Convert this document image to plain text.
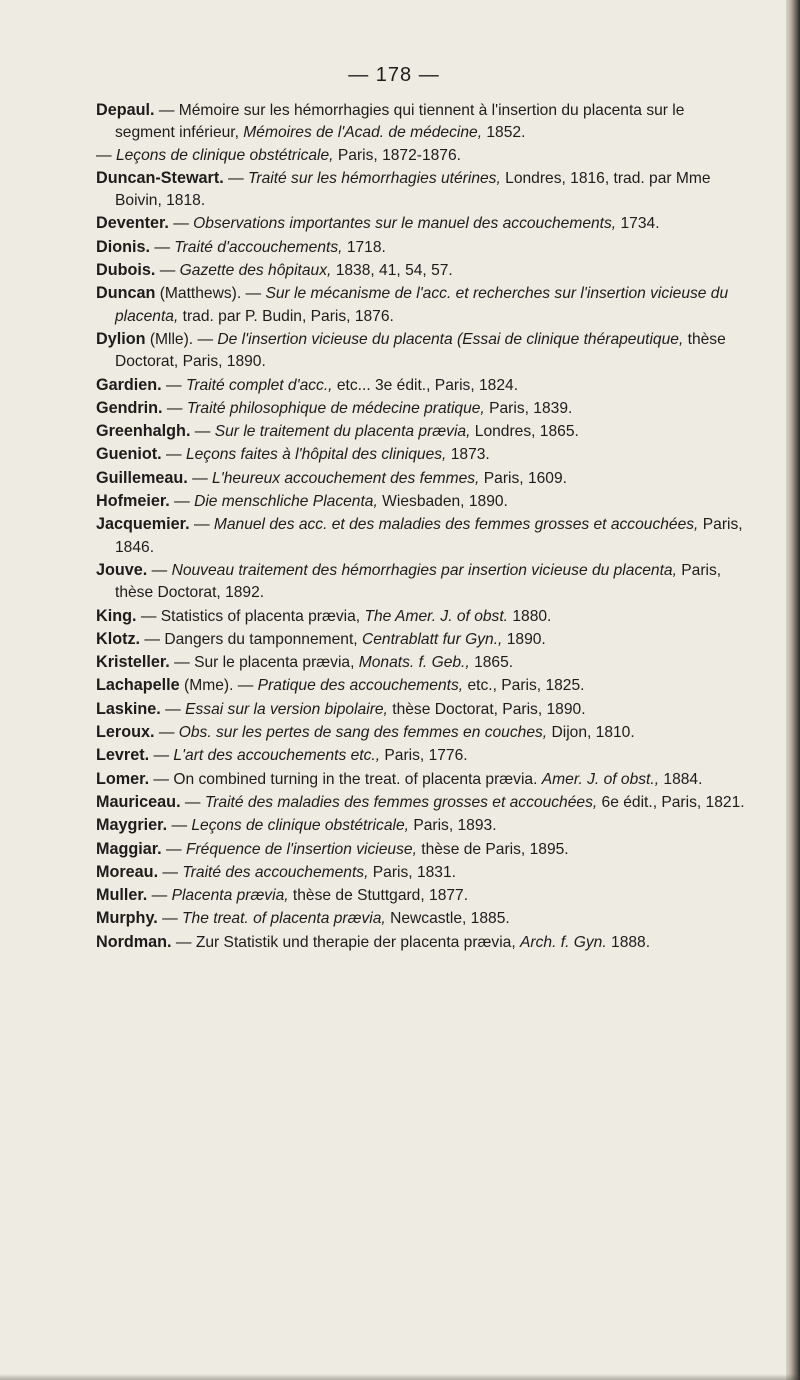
— 178 —

Depaul. — Mémoire sur les hémorrhagies qui tiennent à l'insertion du placenta sur le segment inférieur, Mémoires de l'Acad. de médecine, 1852.

— Leçons de clinique obstétricale, Paris, 1872-1876.

Duncan-Stewart. — Traité sur les hémorrhagies utérines, Londres, 1816, trad. par Mme Boivin, 1818.

Deventer. — Observations importantes sur le manuel des accouchements, 1734.

Dionis. — Traité d'accouchements, 1718.

Dubois. — Gazette des hôpitaux, 1838, 41, 54, 57.

Duncan (Matthews). — Sur le mécanisme de l'acc. et recherches sur l'insertion vicieuse du placenta, trad. par P. Budin, Paris, 1876.

Dylion (Mlle). — De l'insertion vicieuse du placenta (Essai de clinique thérapeutique, thèse Doctorat, Paris, 1890.

Gardien. — Traité complet d'acc., etc... 3e édit., Paris, 1824.

Gendrin. — Traité philosophique de médecine pratique, Paris, 1839.

Greenhalgh. — Sur le traitement du placenta prævia, Londres, 1865.

Gueniot. — Leçons faites à l'hôpital des cliniques, 1873.

Guillemeau. — L'heureux accouchement des femmes, Paris, 1609.

Hofmeier. — Die menschliche Placenta, Wiesbaden, 1890.

Jacquemier. — Manuel des acc. et des maladies des femmes grosses et accouchées, Paris, 1846.

Jouve. — Nouveau traitement des hémorrhagies par insertion vicieuse du placenta, Paris, thèse Doctorat, 1892.

King. — Statistics of placenta prævia, The Amer. J. of obst. 1880.

Klotz. — Dangers du tamponnement, Centrablatt fur Gyn., 1890.

Kristeller. — Sur le placenta prævia, Monats. f. Geb., 1865.

Lachapelle (Mme). — Pratique des accouchements, etc., Paris, 1825.

Laskine. — Essai sur la version bipolaire, thèse Doctorat, Paris, 1890.

Leroux. — Obs. sur les pertes de sang des femmes en couches, Dijon, 1810.

Levret. — L'art des accouchements etc., Paris, 1776.

Lomer. — On combined turning in the treat. of placenta prævia. Amer. J. of obst., 1884.

Mauriceau. — Traité des maladies des femmes grosses et accouchées, 6e édit., Paris, 1821.

Maygrier. — Leçons de clinique obstétricale, Paris, 1893.

Maggiar. — Fréquence de l'insertion vicieuse, thèse de Paris, 1895.

Moreau. — Traité des accouchements, Paris, 1831.

Muller. — Placenta prævia, thèse de Stuttgard, 1877.

Murphy. — The treat. of placenta prævia, Newcastle, 1885.

Nordman. — Zur Statistik und therapie der placenta prævia, Arch. f. Gyn. 1888.
